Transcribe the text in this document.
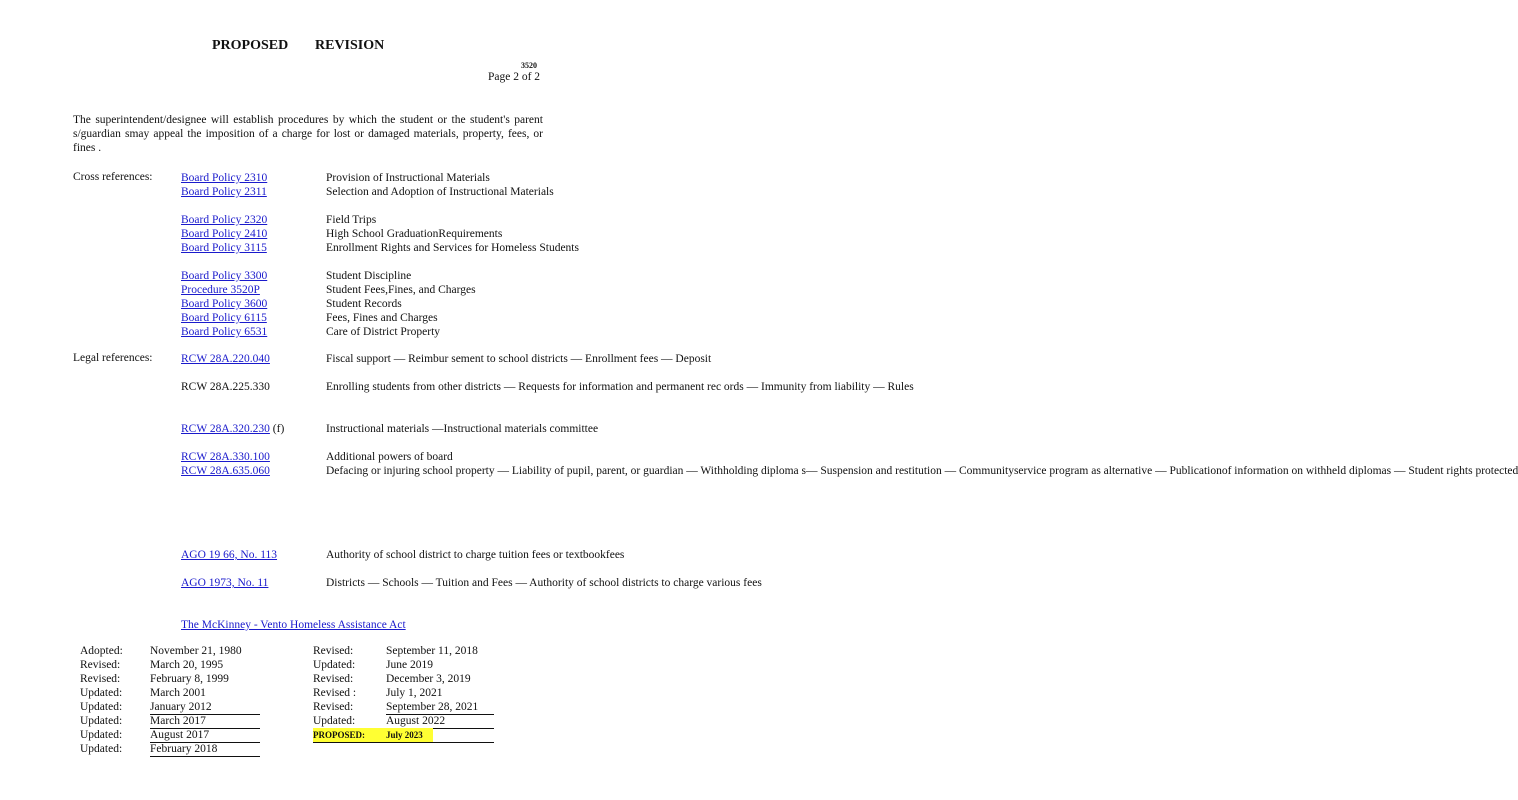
PROPOSED REVISION
3520
Page 2 of 2
The superintendent/designee will establish procedures by which the student or the student's parent s/guardian smay appeal the imposition of a charge for lost or damaged materials, property, fees, or fines .
Cross references: Board Policy 2310	Provision of Instructional Materials
Board Policy 2311	Selection and Adoption of Instructional Materials
Board Policy 2320	Field Trips
Board Policy 2410	High School GraduationRequirements
Board Policy 3115	Enrollment Rights and Services for Homeless Students
Board Policy 3300	Student Discipline
Procedure 3520P	Student Fees,Fines, and Charges
Board Policy 3600	Student Records
Board Policy 6115	Fees, Fines and Charges
Board Policy 6531	Care of District Property
Legal references: RCW 28A.220.040	Fiscal support — Reimbur sement to school districts — Enrollment fees — Deposit
RCW 28A.225.330	Enrolling students from other districts — Requests for information and permanent rec ords — Immunity from liability — Rules
RCW 28A.320.230 (f)	Instructional materials —Instructional materials committee
RCW 28A.330.100	Additional powers of board
RCW 28A.635.060	Defacing or injuring school property — Liability of pupil, parent, or guardian — Withholding diploma s— Suspension and restitution — Communityservice program as alternative — Publicationof information on withheld diplomas — Student rights protected
AGO 19 66, No. 113	Authority of school district to charge tuition fees or textbookfees
AGO 1973, No. 11	Districts — Schools — Tuition and Fees — Authority of school districts to charge various fees
The McKinney - Vento Homeless Assistance Act
Adopted: November 21, 1980
Revised:	March 20, 1995
Revised:	February 8, 1999
Updated: March 2001
Updated: January 2012
Updated: March 2017
Updated: August 2017
Updated: February 2018
Revised:	September 11, 2018
Updated:	June 2019
Revised:	December 3, 2019
Revised :	July 1, 2021
Revised:	September 28, 2021
Updated:	August 2022
PROPOSED: July 2023
